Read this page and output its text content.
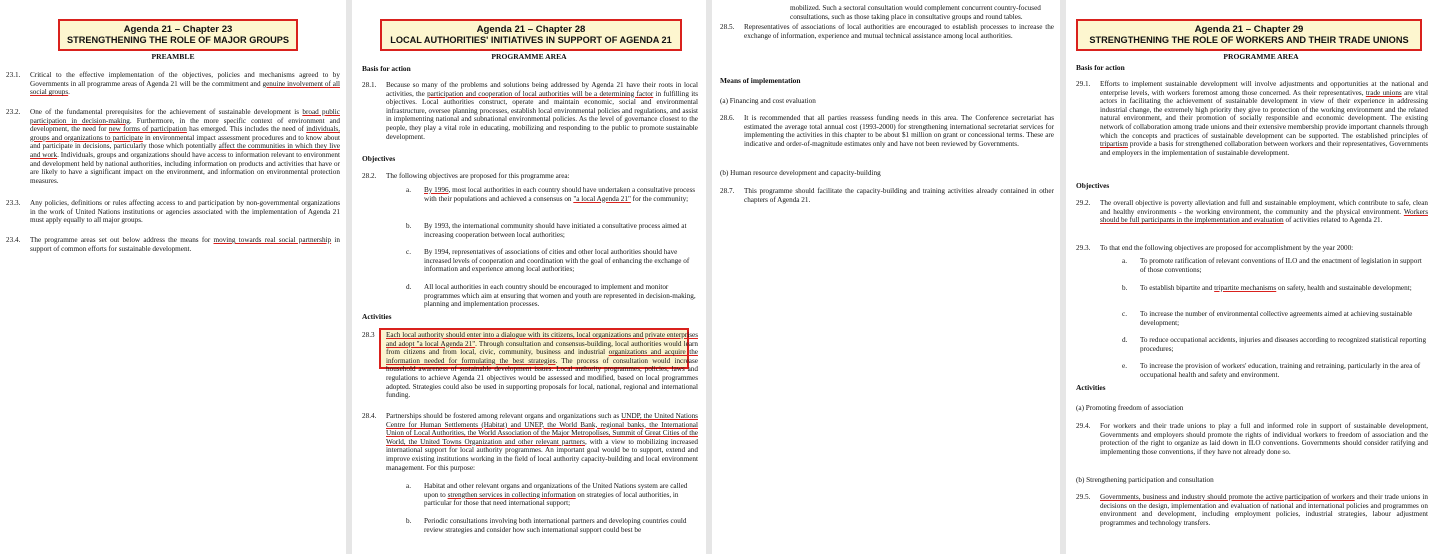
Agenda 21 – Chapter 23
STRENGTHENING THE ROLE OF MAJOR GROUPS
PREAMBLE
23.1. Critical to the effective implementation of the objectives, policies and mechanisms agreed to by Governments in all programme areas of Agenda 21 will be the commitment and genuine involvement of all social groups.
23.2. One of the fundamental prerequisites for the achievement of sustainable development is broad public participation in decision-making. Furthermore, in the more specific context of environment and development, the need for new forms of participation has emerged. This includes the need of individuals, groups and organizations to participate in environmental impact assessment procedures and to know about and participate in decisions, particularly those which potentially affect the communities in which they live and work. Individuals, groups and organizations should have access to information relevant to environment and development held by national authorities, including information on products and activities that have or are likely to have a significant impact on the environment, and information on environmental protection measures.
23.3. Any policies, definitions or rules affecting access to and participation by non-governmental organizations in the work of United Nations institutions or agencies associated with the implementation of Agenda 21 must apply equally to all major groups.
23.4. The programme areas set out below address the means for moving towards real social partnership in support of common efforts for sustainable development.
Agenda 21 – Chapter 28
LOCAL AUTHORITIES' INITIATIVES IN SUPPORT OF AGENDA 21
PROGRAMME AREA
Basis for action
28.1. Because so many of the problems and solutions being addressed by Agenda 21 have their roots in local activities, the participation and cooperation of local authorities will be a determining factor in fulfilling its objectives. Local authorities construct, operate and maintain economic, social and environmental infrastructure, oversee planning processes, establish local environmental policies and regulations, and assist in implementing national and subnational environmental policies. As the level of governance closest to the people, they play a vital role in educating, mobilizing and responding to the public to promote sustainable development.
Objectives
28.2. The following objectives are proposed for this programme area:
a. By 1996, most local authorities in each country should have undertaken a consultative process with their populations and achieved a consensus on "a local Agenda 21" for the community;
b. By 1993, the international community should have initiated a consultative process aimed at increasing cooperation between local authorities;
c. By 1994, representatives of associations of cities and other local authorities should have increased levels of cooperation and coordination with the goal of enhancing the exchange of information and experience among local authorities;
d. All local authorities in each country should be encouraged to implement and monitor programmes which aim at ensuring that women and youth are represented in decision-making, planning and implementation processes.
Activities
28.3 Each local authority should enter into a dialogue with its citizens, local organizations and private enterprises and adopt "a local Agenda 21". Through consultation and consensus-building, local authorities would learn from citizens and from local, civic, community, business and industrial organizations and acquire the information needed for formulating the best strategies. The process of consultation would increase household awareness of sustainable development issues. Local authority programmes, policies, laws and regulations to achieve Agenda 21 objectives would be assessed and modified, based on local programmes adopted. Strategies could also be used in supporting proposals for local, national, regional and international funding.
28.4. Partnerships should be fostered among relevant organs and organizations such as UNDP, the United Nations Centre for Human Settlements (Habitat) and UNEP, the World Bank, regional banks, the International Union of Local Authorities, the World Association of the Major Metropolises, Summit of Great Cities of the World, the United Towns Organization and other relevant partners, with a view to mobilizing increased international support for local authority programmes. An important goal would be to support, extend and improve existing institutions working in the field of local authority capacity-building and local environment management. For this purpose:
a. Habitat and other relevant organs and organizations of the United Nations system are called upon to strengthen services in collecting information on strategies of local authorities, in particular for those that need international support;
b. Periodic consultations involving both international partners and developing countries could review strategies and consider how such international support could best be
mobilized. Such a sectoral consultation would complement concurrent country-focused consultations, such as those taking place in consultative groups and round tables.
28.5. Representatives of associations of local authorities are encouraged to establish processes to increase the exchange of information, experience and mutual technical assistance among local authorities.
Means of implementation
(a) Financing and cost evaluation
28.6. It is recommended that all parties reassess funding needs in this area. The Conference secretariat has estimated the average total annual cost (1993-2000) for strengthening international secretariat services for implementing the activities in this chapter to be about $1 million on grant or concessional terms. These are indicative and order-of-magnitude estimates only and have not been reviewed by Governments.
(b) Human resource development and capacity-building
28.7. This programme should facilitate the capacity-building and training activities already contained in other chapters of Agenda 21.
Agenda 21 – Chapter 29
STRENGTHENING THE ROLE OF WORKERS AND THEIR TRADE UNIONS
PROGRAMME AREA
Basis for action
29.1. Efforts to implement sustainable development will involve adjustments and opportunities at the national and enterprise levels, with workers foremost among those concerned. As their representatives, trade unions are vital actors in facilitating the achievement of sustainable development in view of their experience in addressing industrial change, the extremely high priority they give to protection of the working environment and the related natural environment, and their promotion of socially responsible and economic development. The existing network of collaboration among trade unions and their extensive membership provide important channels through which the concepts and practices of sustainable development can be supported. The established principles of tripartism provide a basis for strengthened collaboration between workers and their representatives, Governments and employers in the implementation of sustainable development.
Objectives
29.2. The overall objective is poverty alleviation and full and sustainable employment, which contribute to safe, clean and healthy environments - the working environment, the community and the physical environment. Workers should be full participants in the implementation and evaluation of activities related to Agenda 21.
29.3. To that end the following objectives are proposed for accomplishment by the year 2000:
a. To promote ratification of relevant conventions of ILO and the enactment of legislation in support of those conventions;
b. To establish bipartite and tripartite mechanisms on safety, health and sustainable development;
c. To increase the number of environmental collective agreements aimed at achieving sustainable development;
d. To reduce occupational accidents, injuries and diseases according to recognized statistical reporting procedures;
e. To increase the provision of workers' education, training and retraining, particularly in the area of occupational health and safety and environment.
Activities
(a) Promoting freedom of association
29.4. For workers and their trade unions to play a full and informed role in support of sustainable development, Governments and employers should promote the rights of individual workers to freedom of association and the protection of the right to organize as laid down in ILO conventions. Governments should consider ratifying and implementing those conventions, if they have not already done so.
(b) Strengthening participation and consultation
29.5. Governments, business and industry should promote the active participation of workers and their trade unions in decisions on the design, implementation and evaluation of national and international policies and programmes on environment and development, including employment policies, industrial strategies, labour adjustment programmes and technology transfers.
